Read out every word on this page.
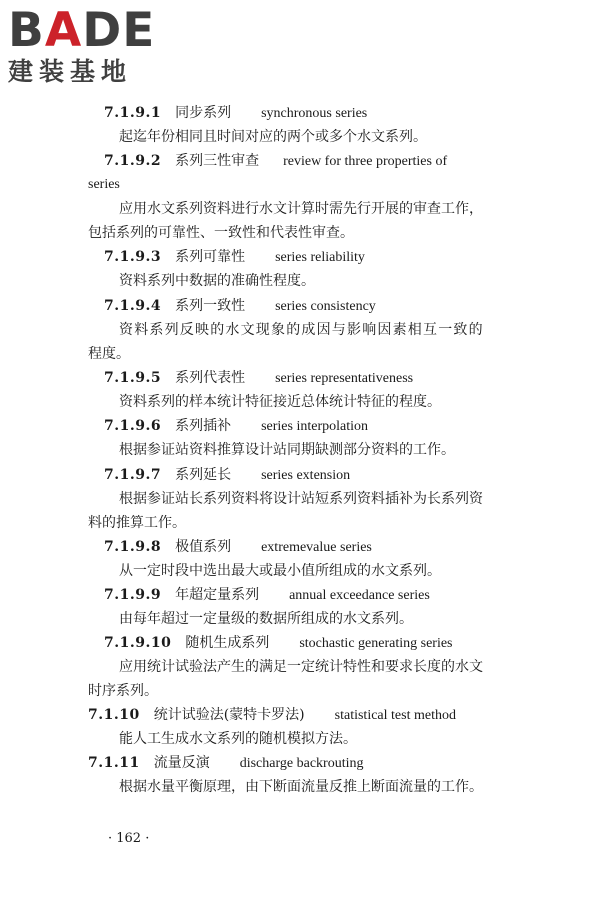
BADE
建装基地
7.1.9.1 同步系列 synchronous series
起迄年份相同且时间对应的两个或多个水文系列。
7.1.9.2 系列三性审查 review for three properties of
series
应用水文系列资料进行水文计算时需先行开展的审查工作，
包括系列的可靠性、一致性和代表性审查。
7.1.9.3 系列可靠性 series reliability
资料系列中数据的准确性程度。
7.1.9.4 系列一致性 series consistency
资料系列反映的水文现象的成因与影响因素相互一致的
程度。
7.1.9.5 系列代表性 series representativeness
资料系列的样本统计特征接近总体统计特征的程度。
7.1.9.6 系列插补 series interpolation
根据参证站资料推算设计站同期缺测部分资料的工作。
7.1.9.7 系列延长 series extension
根据参证站长系列资料将设计站短系列资料插补为长系列资
料的推算工作。
7.1.9.8 极值系列 extremevalue series
从一定时段中选出最大或最小值所组成的水文系列。
7.1.9.9 年超定量系列 annual exceedance series
由每年超过一定量级的数据所组成的水文系列。
7.1.9.10 随机生成系列 stochastic generating series
应用统计试验法产生的满足一定统计特性和要求长度的水文
时序系列。
7.1.10 统计试验法(蒙特卡罗法) statistical test method
能人工生成水文系列的随机模拟方法。
7.1.11 流量反演 discharge backrouting
根据水量平衡原理，由下断面流量反推上断面流量的工作。
· 162 ·
